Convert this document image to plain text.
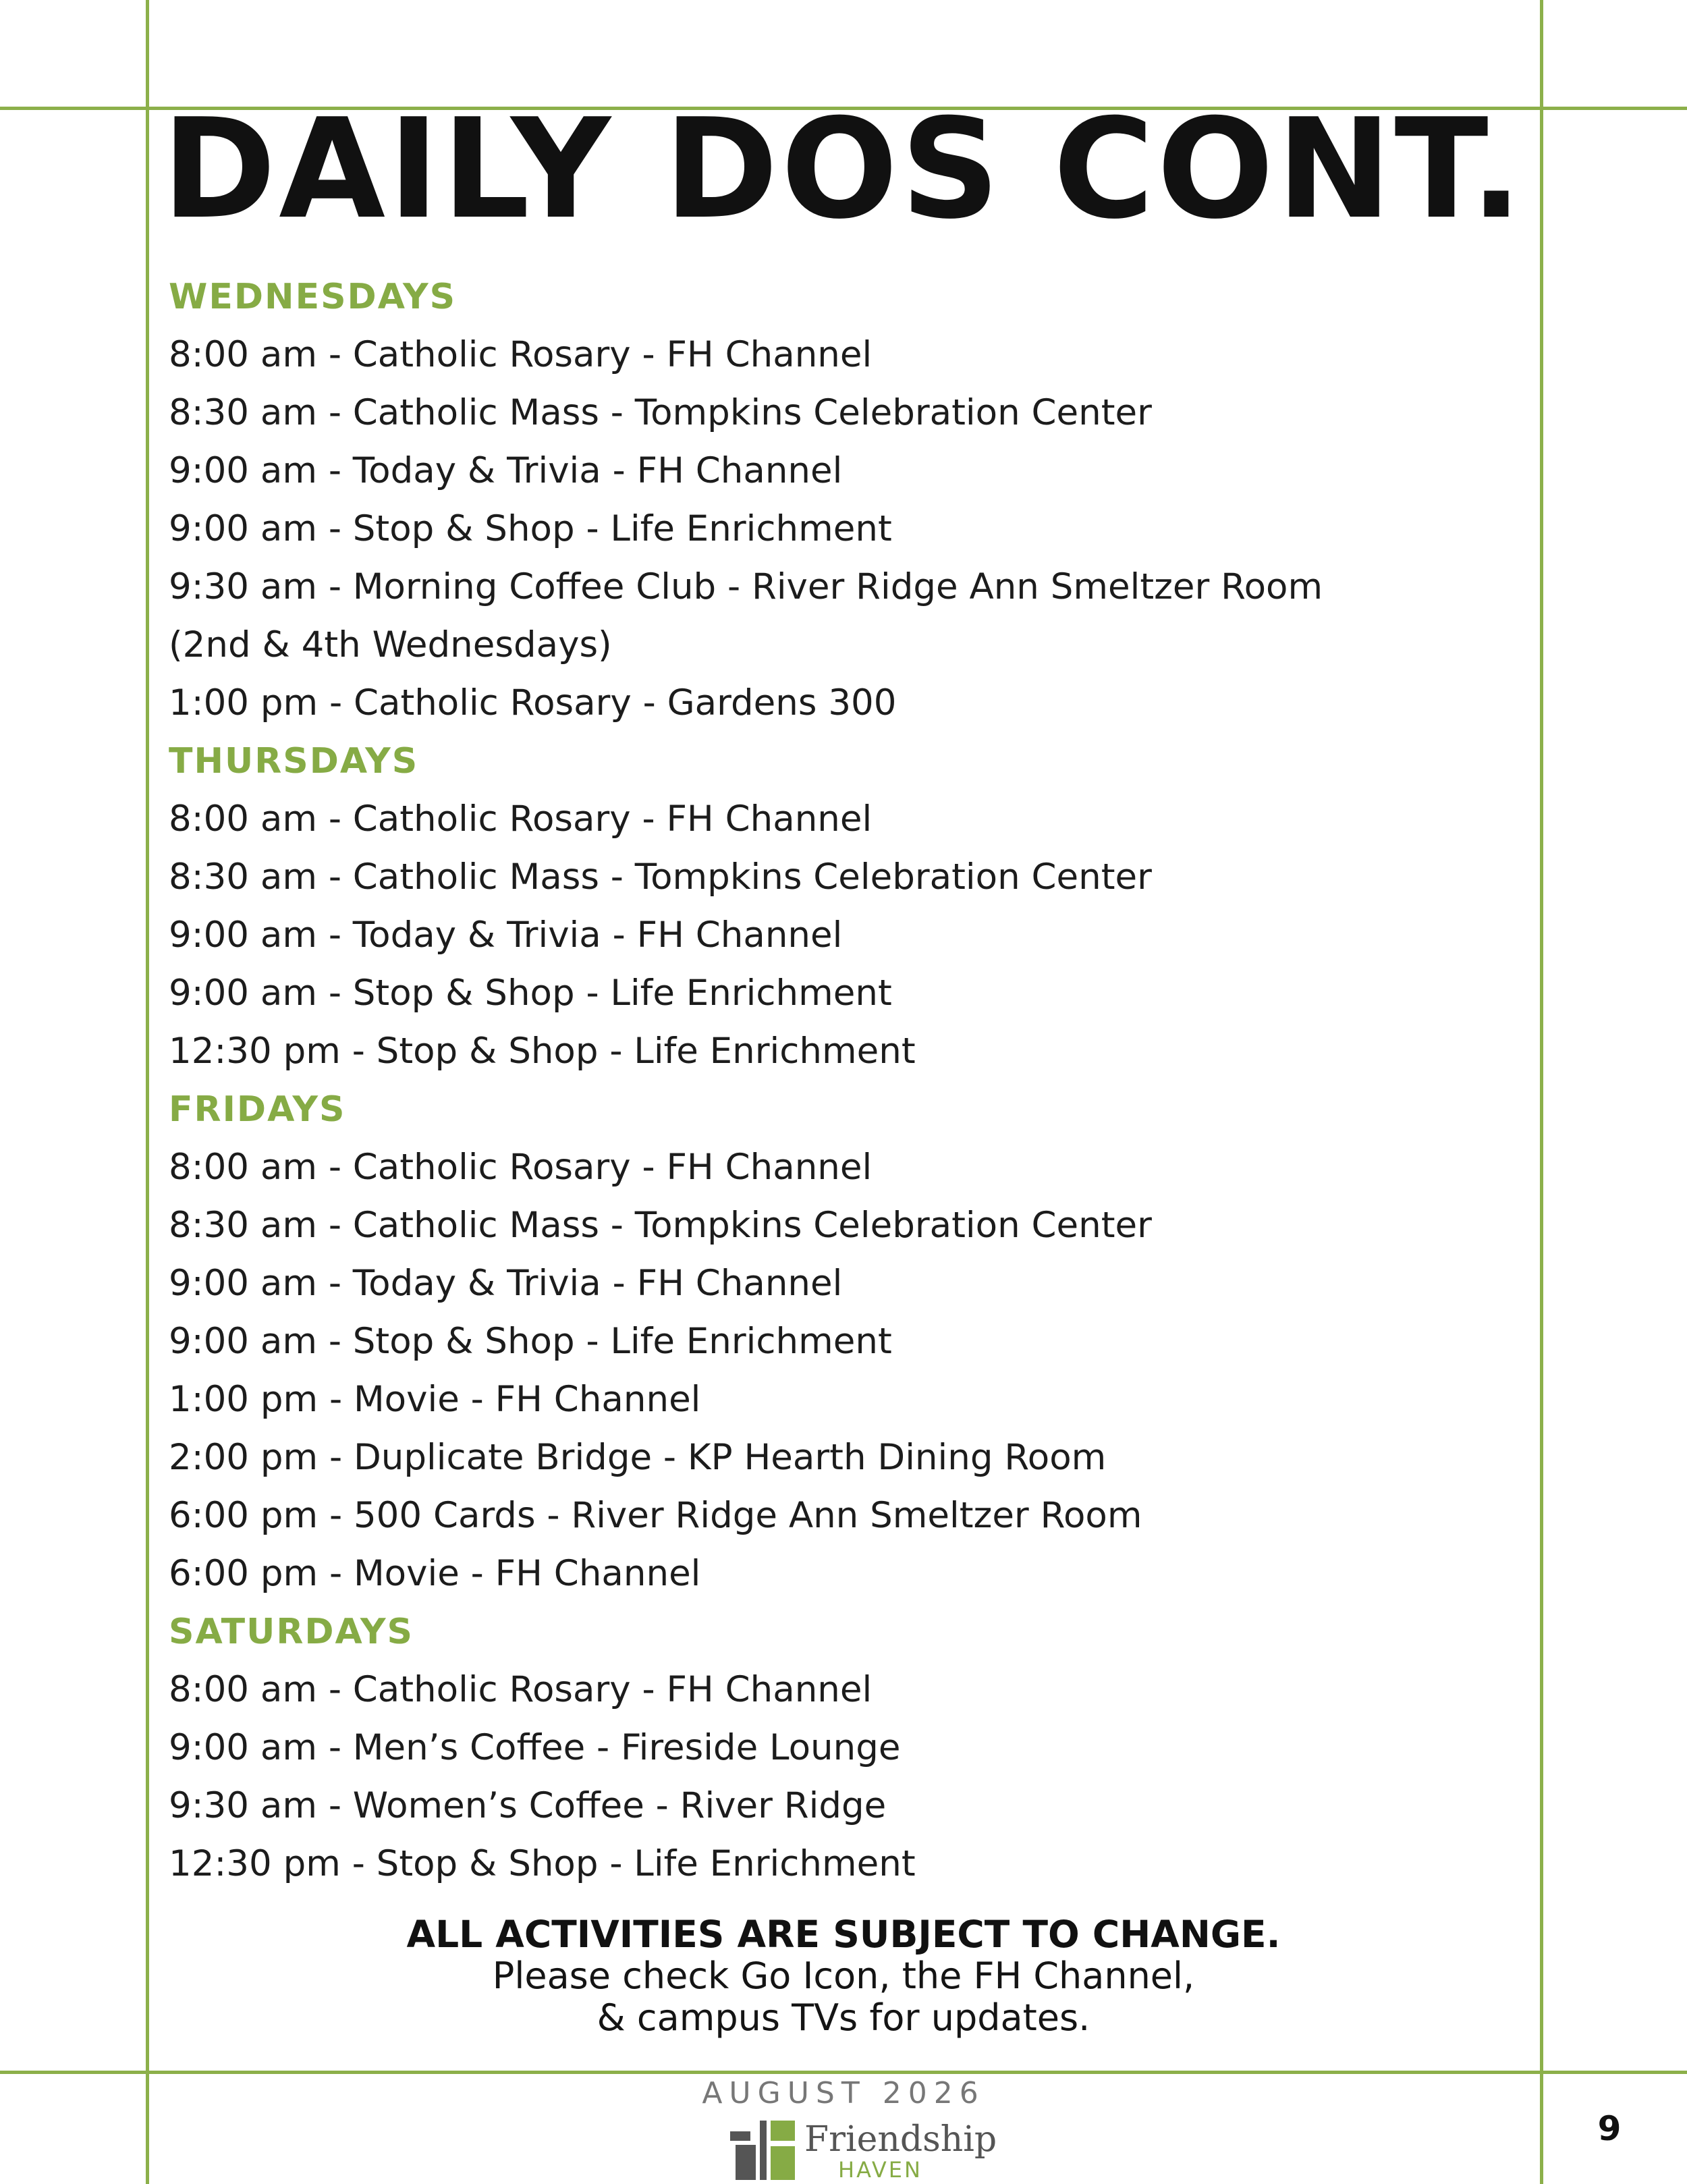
DAILY DOS CONT.
WEDNESDAYS
8:00 am - Catholic Rosary - FH Channel
8:30 am - Catholic Mass - Tompkins Celebration Center
9:00 am - Today & Trivia - FH Channel
9:00 am - Stop & Shop - Life Enrichment
9:30 am - Morning Coffee Club - River Ridge Ann Smeltzer Room
(2nd & 4th Wednesdays)
1:00 pm - Catholic Rosary - Gardens 300
THURSDAYS
8:00 am - Catholic Rosary - FH Channel
8:30 am - Catholic Mass - Tompkins Celebration Center
9:00 am - Today & Trivia - FH Channel
9:00 am - Stop & Shop - Life Enrichment
12:30 pm - Stop & Shop - Life Enrichment
FRIDAYS
8:00 am - Catholic Rosary - FH Channel
8:30 am - Catholic Mass - Tompkins Celebration Center
9:00 am - Today & Trivia - FH Channel
9:00 am - Stop & Shop - Life Enrichment
1:00 pm - Movie - FH Channel
2:00 pm - Duplicate Bridge - KP Hearth Dining Room
6:00 pm - 500 Cards - River Ridge Ann Smeltzer Room
6:00 pm - Movie - FH Channel
SATURDAYS
8:00 am - Catholic Rosary - FH Channel
9:00 am - Men’s Coffee - Fireside Lounge
9:30 am - Women’s Coffee - River Ridge
12:30 pm - Stop & Shop - Life Enrichment
ALL ACTIVITIES ARE SUBJECT TO CHANGE.
Please check Go Icon, the FH Channel,
& campus TVs for updates.
AUGUST 2026
Friendship
HAVEN
9
